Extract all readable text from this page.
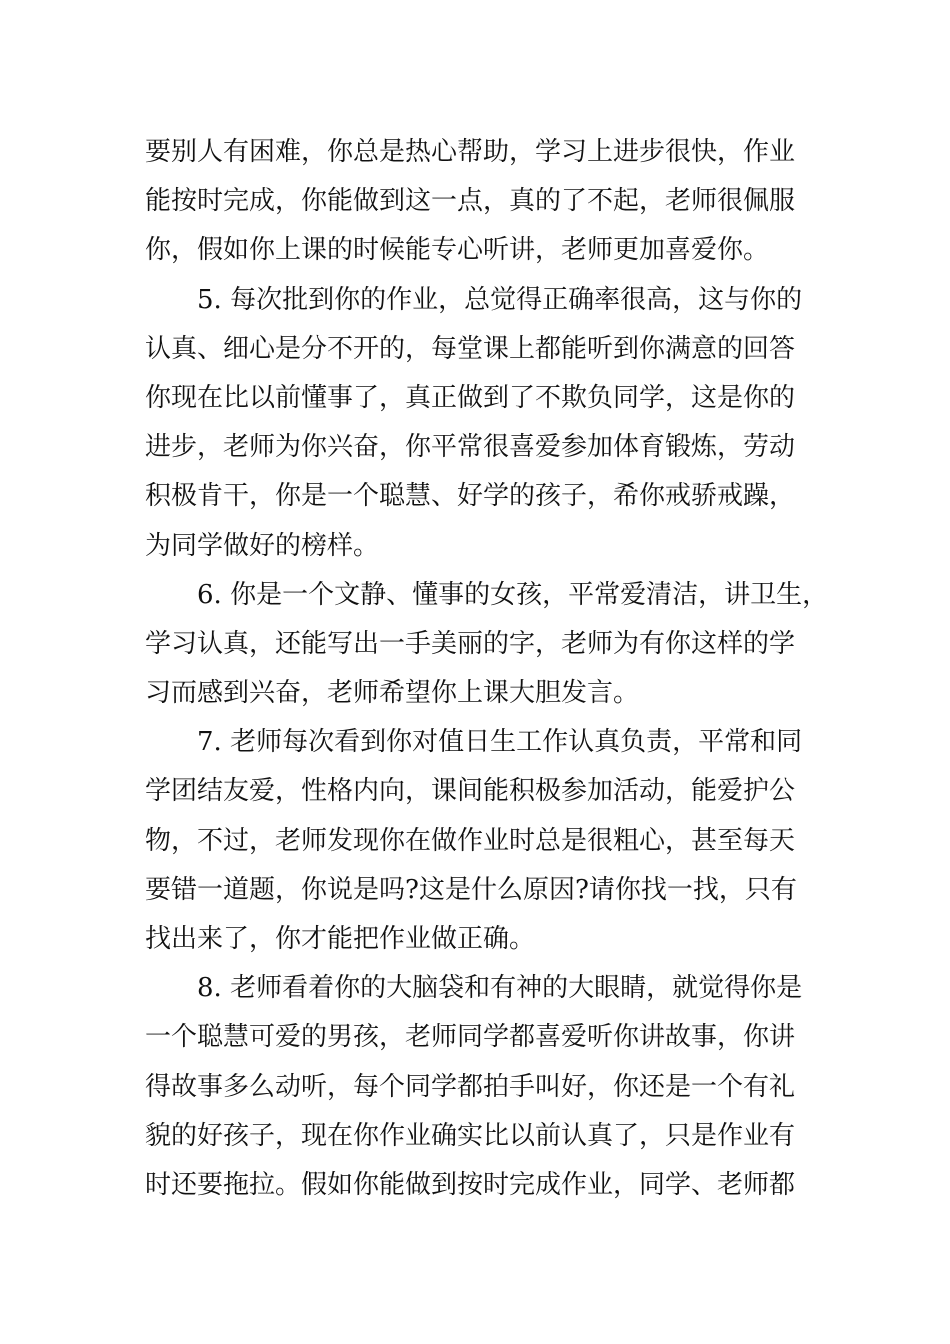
要别人有困难，你总是热心帮助，学习上进步很快，作业
能按时完成，你能做到这一点，真的了不起，老师很佩服
你，假如你上课的时候能专心听讲，老师更加喜爱你。
5. 每次批到你的作业，总觉得正确率很高，这与你的
认真、细心是分不开的，每堂课上都能听到你满意的回答
你现在比以前懂事了，真正做到了不欺负同学，这是你的
进步，老师为你兴奋，你平常很喜爱参加体育锻炼，劳动
积极肯干，你是一个聪慧、好学的孩子，希你戒骄戒躁，
为同学做好的榜样。
6. 你是一个文静、懂事的女孩，平常爱清洁，讲卫生，
学习认真，还能写出一手美丽的字，老师为有你这样的学
习而感到兴奋，老师希望你上课大胆发言。
7. 老师每次看到你对值日生工作认真负责，平常和同
学团结友爱，性格内向，课间能积极参加活动，能爱护公
物，不过，老师发现你在做作业时总是很粗心，甚至每天
要错一道题，你说是吗?这是什么原因?请你找一找，只有
找出来了，你才能把作业做正确。
8. 老师看着你的大脑袋和有神的大眼睛，就觉得你是
一个聪慧可爱的男孩，老师同学都喜爱听你讲故事，你讲
得故事多么动听，每个同学都拍手叫好，你还是一个有礼
貌的好孩子，现在你作业确实比以前认真了，只是作业有
时还要拖拉。假如你能做到按时完成作业，同学、老师都
